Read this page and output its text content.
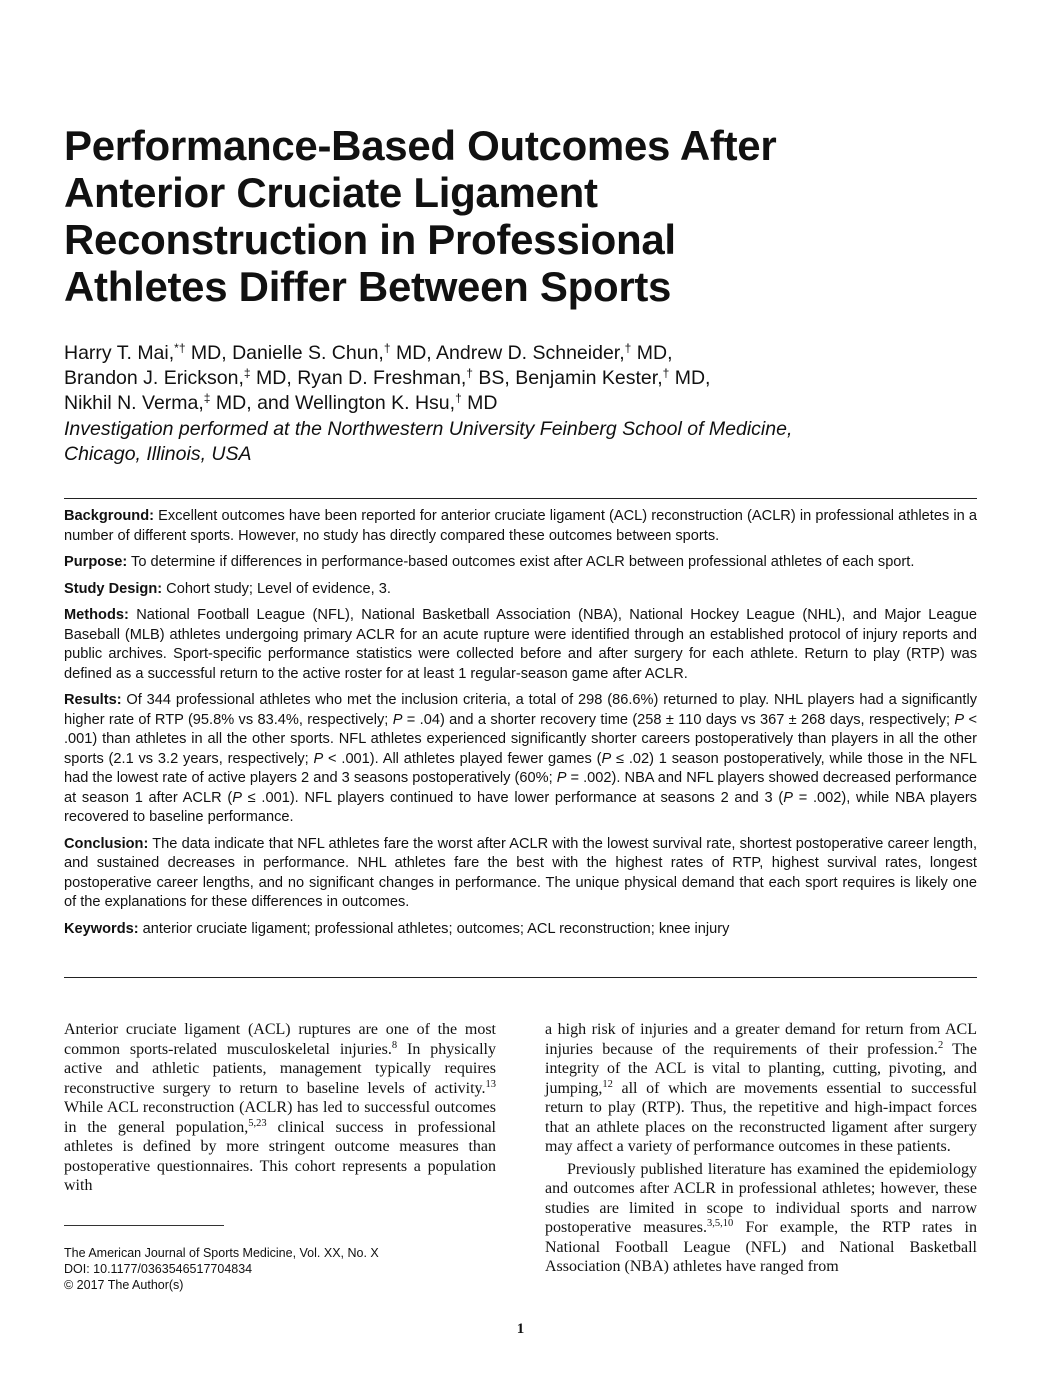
Performance-Based Outcomes After Anterior Cruciate Ligament Reconstruction in Professional Athletes Differ Between Sports
Harry T. Mai,*† MD, Danielle S. Chun,† MD, Andrew D. Schneider,† MD,
Brandon J. Erickson,‡ MD, Ryan D. Freshman,† BS, Benjamin Kester,† MD,
Nikhil N. Verma,‡ MD, and Wellington K. Hsu,† MD
Investigation performed at the Northwestern University Feinberg School of Medicine,
Chicago, Illinois, USA

Background: Excellent outcomes have been reported for anterior cruciate ligament (ACL) reconstruction (ACLR) in professional athletes in a number of different sports. However, no study has directly compared these outcomes between sports.

Purpose: To determine if differences in performance-based outcomes exist after ACLR between professional athletes of each sport.

Study Design: Cohort study; Level of evidence, 3.

Methods: National Football League (NFL), National Basketball Association (NBA), National Hockey League (NHL), and Major League Baseball (MLB) athletes undergoing primary ACLR for an acute rupture were identified through an established protocol of injury reports and public archives. Sport-specific performance statistics were collected before and after surgery for each athlete. Return to play (RTP) was defined as a successful return to the active roster for at least 1 regular-season game after ACLR.

Results: Of 344 professional athletes who met the inclusion criteria, a total of 298 (86.6%) returned to play. NHL players had a significantly higher rate of RTP (95.8% vs 83.4%, respectively; P = .04) and a shorter recovery time (258 ± 110 days vs 367 ± 268 days, respectively; P < .001) than athletes in all the other sports. NFL athletes experienced significantly shorter careers postoperatively than players in all the other sports (2.1 vs 3.2 years, respectively; P < .001). All athletes played fewer games (P ≤ .02) 1 season postoperatively, while those in the NFL had the lowest rate of active players 2 and 3 seasons postoperatively (60%; P = .002). NBA and NFL players showed decreased performance at season 1 after ACLR (P ≤ .001). NFL players continued to have lower performance at seasons 2 and 3 (P = .002), while NBA players recovered to baseline performance.

Conclusion: The data indicate that NFL athletes fare the worst after ACLR with the lowest survival rate, shortest postoperative career length, and sustained decreases in performance. NHL athletes fare the best with the highest rates of RTP, highest survival rates, longest postoperative career lengths, and no significant changes in performance. The unique physical demand that each sport requires is likely one of the explanations for these differences in outcomes.

Keywords: anterior cruciate ligament; professional athletes; outcomes; ACL reconstruction; knee injury

Anterior cruciate ligament (ACL) ruptures are one of the most common sports-related musculoskeletal injuries.$^8$ In physically active and athletic patients, management typically requires reconstructive surgery to return to baseline levels of activity.$^{13}$ While ACL reconstruction (ACLR) has led to successful outcomes in the general population,$^{5,23}$ clinical success in professional athletes is defined by more stringent outcome measures than postoperative questionnaires. This cohort represents a population with

a high risk of injuries and a greater demand for return from ACL injuries because of the requirements of their profession.$^2$ The integrity of the ACL is vital to planting, cutting, pivoting, and jumping,$^{12}$ all of which are movements essential to successful return to play (RTP). Thus, the repetitive and high-impact forces that an athlete places on the reconstructed ligament after surgery may affect a variety of performance outcomes in these patients.

Previously published literature has examined the epidemiology and outcomes after ACLR in professional athletes; however, these studies are limited in scope to individual sports and narrow postoperative measures.$^{3,5,10}$ For example, the RTP rates in National Football League (NFL) and National Basketball Association (NBA) athletes have ranged from

The American Journal of Sports Medicine, Vol. XX, No. X
DOI: 10.1177/0363546517704834
© 2017 The Author(s)
1
